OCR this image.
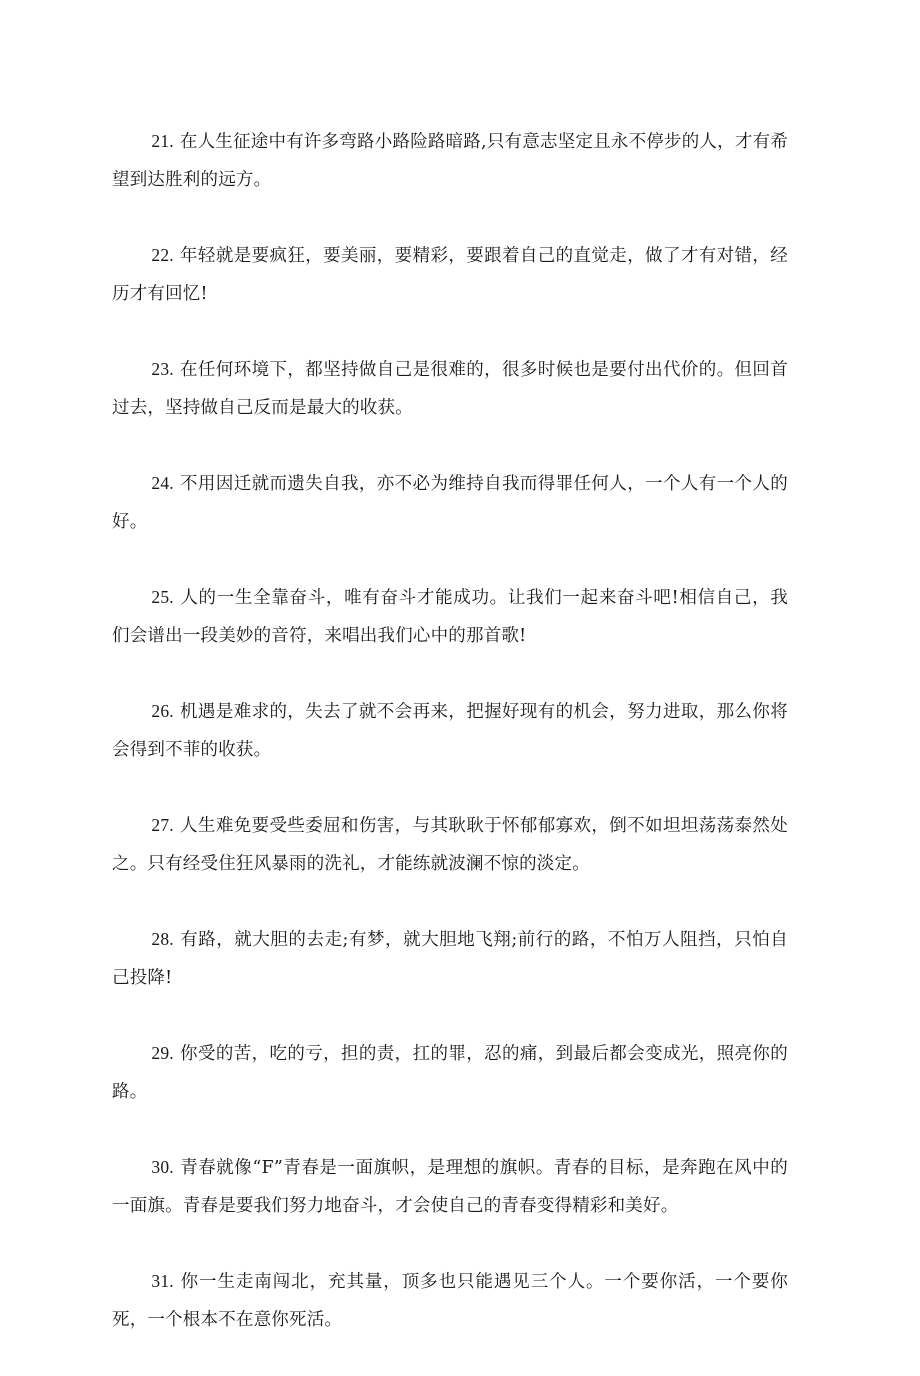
21. 在人生征途中有许多弯路小路险路暗路,只有意志坚定且永不停步的人，才有希望到达胜利的远方。

22. 年轻就是要疯狂，要美丽，要精彩，要跟着自己的直觉走，做了才有对错，经历才有回忆!

23. 在任何环境下，都坚持做自己是很难的，很多时候也是要付出代价的。但回首过去，坚持做自己反而是最大的收获。

24. 不用因迁就而遗失自我，亦不必为维持自我而得罪任何人，一个人有一个人的好。

25. 人的一生全靠奋斗，唯有奋斗才能成功。让我们一起来奋斗吧!相信自己，我们会谱出一段美妙的音符，来唱出我们心中的那首歌!

26. 机遇是难求的，失去了就不会再来，把握好现有的机会，努力进取，那么你将会得到不菲的收获。

27. 人生难免要受些委屈和伤害，与其耿耿于怀郁郁寡欢，倒不如坦坦荡荡泰然处之。只有经受住狂风暴雨的洗礼，才能练就波澜不惊的淡定。

28. 有路，就大胆的去走;有梦，就大胆地飞翔;前行的路，不怕万人阻挡，只怕自己投降!

29. 你受的苦，吃的亏，担的责，扛的罪，忍的痛，到最后都会变成光，照亮你的路。

30. 青春就像“F”青春是一面旗帜，是理想的旗帜。青春的目标，是奔跑在风中的一面旗。青春是要我们努力地奋斗，才会使自己的青春变得精彩和美好。

31. 你一生走南闯北，充其量，顶多也只能遇见三个人。一个要你活，一个要你死，一个根本不在意你死活。
